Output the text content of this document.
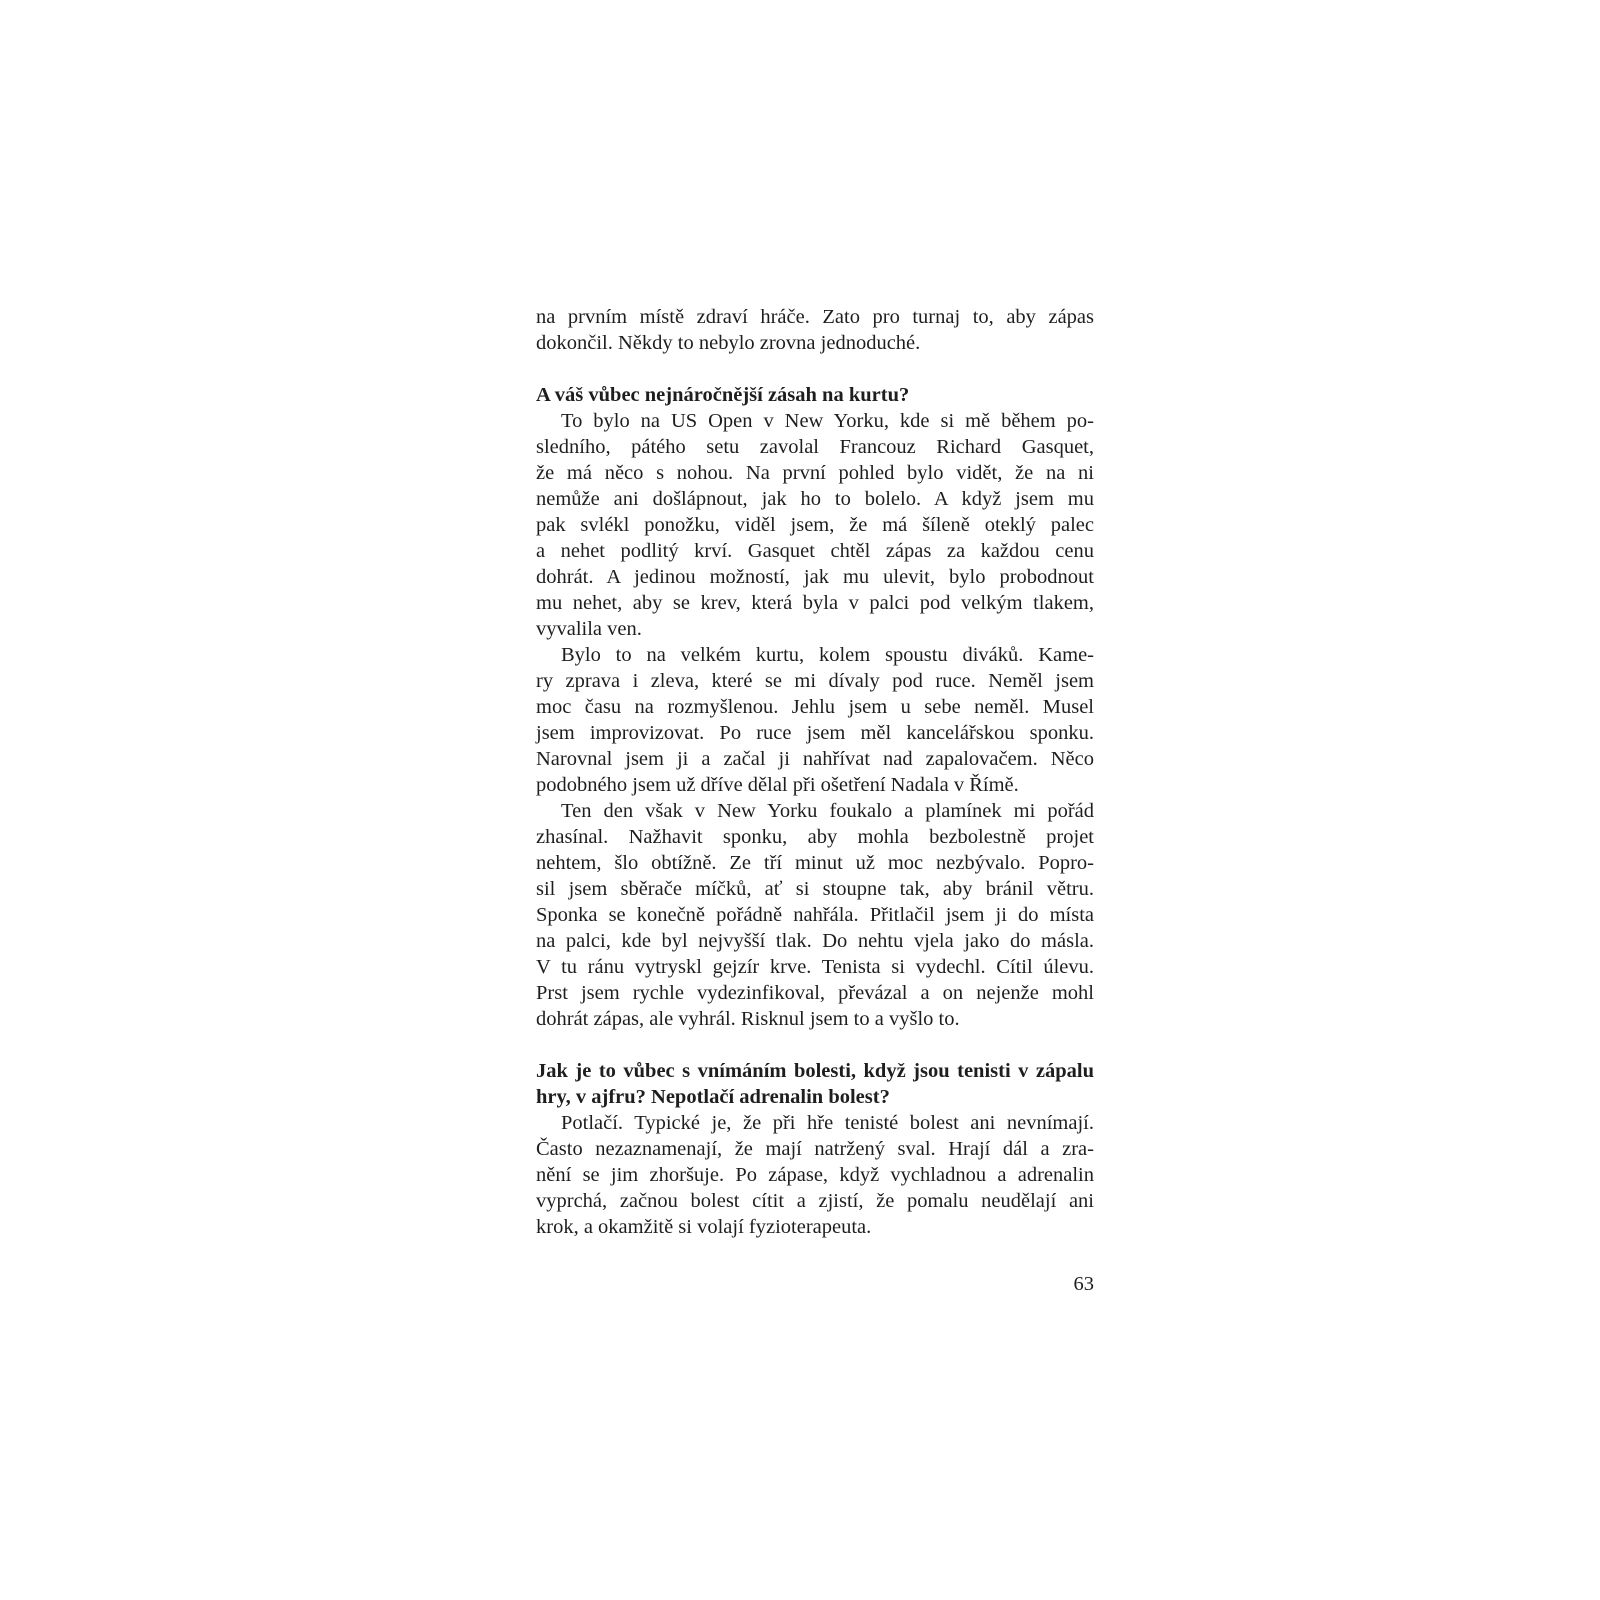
na prvním místě zdraví hráče. Zato pro turnaj to, aby zápas
dokončil. Někdy to nebylo zrovna jednoduché.
A váš vůbec nejnáročnější zásah na kurtu?
To bylo na US Open v New Yorku, kde si mě během po-
sledního, pátého setu zavolal Francouz Richard Gasquet,
že má něco s nohou. Na první pohled bylo vidět, že na ni
nemůže ani došlápnout, jak ho to bolelo. A když jsem mu
pak svlékl ponožku, viděl jsem, že má šíleně oteklý palec
a nehet podlitý krví. Gasquet chtěl zápas za každou cenu
dohrát. A jedinou možností, jak mu ulevit, bylo probodnout
mu nehet, aby se krev, která byla v palci pod velkým tlakem,
vyvalila ven.
Bylo to na velkém kurtu, kolem spoustu diváků. Kame-
ry zprava i zleva, které se mi dívaly pod ruce. Neměl jsem
moc času na rozmyšlenou. Jehlu jsem u sebe neměl. Musel
jsem improvizovat. Po ruce jsem měl kancelářskou sponku.
Narovnal jsem ji a začal ji nahřívat nad zapalovačem. Něco
podobného jsem už dříve dělal při ošetření Nadala v Římě.
Ten den však v New Yorku foukalo a plamínek mi pořád
zhasínal. Nažhavit sponku, aby mohla bezbolestně projet
nehtem, šlo obtížně. Ze tří minut už moc nezbývalo. Popro-
sil jsem sběrače míčků, ať si stoupne tak, aby bránil větru.
Sponka se konečně pořádně nahřála. Přitlačil jsem ji do místa
na palci, kde byl nejvyšší tlak. Do nehtu vjela jako do másla.
V tu ránu vytryskl gejzír krve. Tenista si vydechl. Cítil úlevu.
Prst jsem rychle vydezinfikoval, převázal a on nejenže mohl
dohrát zápas, ale vyhrál. Risknul jsem to a vyšlo to.
Jak je to vůbec s vnímáním bolesti, když jsou tenisti v zápalu
hry, v ajfru? Nepotlačí adrenalin bolest?
Potlačí. Typické je, že při hře tenisté bolest ani nevnímají.
Často nezaznamenají, že mají natržený sval. Hrají dál a zra-
nění se jim zhoršuje. Po zápase, když vychladnou a adrenalin
vyprchá, začnou bolest cítit a zjistí, že pomalu neudělají ani
krok, a okamžitě si volají fyzioterapeuta.
63
